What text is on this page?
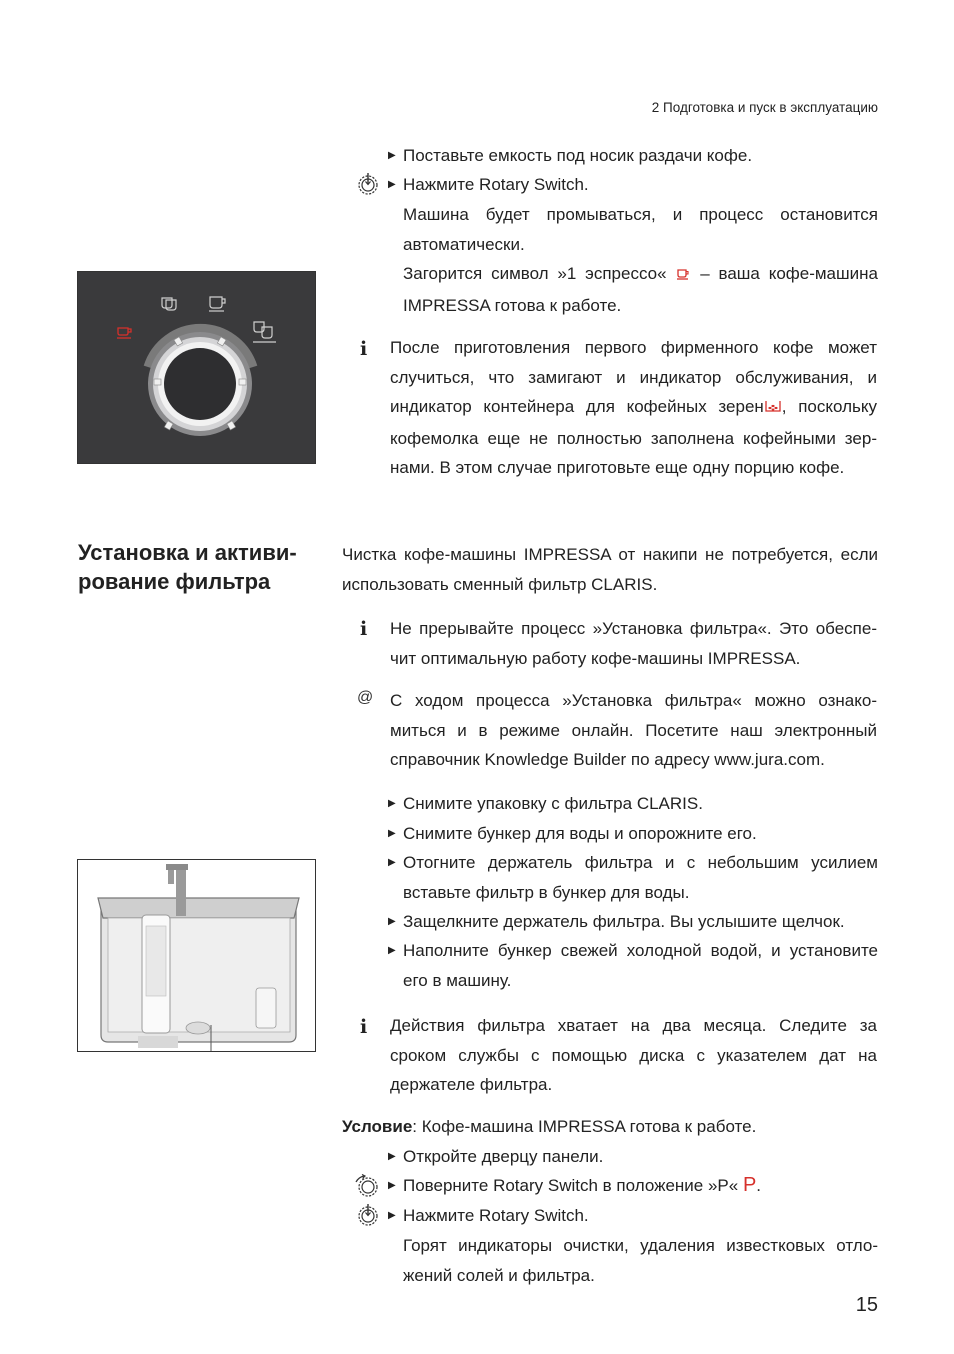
2 Подготовка и пуск в эксплуатацию
▶ Поставьте емкость под носик раздачи кофе.
▶ Нажмите Rotary Switch.
Машина будет промываться, и процесс остановится автоматически.
Загорится символ »1 эспрессо« – ваша кофе-машина IMPRESSA готова к работе.
i После приготовления первого фирменного кофе может случиться, что замигают и индикатор обслуживания, и индикатор контейнера для кофейных зерен , поскольку кофемолка еще не полностью заполнена кофейными зернами. В этом случае приготовьте еще одну порцию кофе.
Установка и активирование фильтра
Чистка кофе-машины IMPRESSA от накипи не потребуется, если использовать сменный фильтр CLARIS.
i Не прерывайте процесс »Установка фильтра«. Это обеспечит оптимальную работу кофе-машины IMPRESSA.
@ С ходом процесса »Установка фильтра« можно ознакомиться и в режиме онлайн. Посетите наш электронный справочник Knowledge Builder по адресу www.jura.com.
▶ Снимите упаковку с фильтра CLARIS.
▶ Снимите бункер для воды и опорожните его.
▶ Отогните держатель фильтра и с небольшим усилием вставьте фильтр в бункер для воды.
▶ Защелкните держатель фильтра. Вы услышите щелчок.
▶ Наполните бункер свежей холодной водой, и установите его в машину.
i Действия фильтра хватает на два месяца. Следите за сроком службы с помощью диска с указателем дат на держателе фильтра.
Условие: Кофе-машина IMPRESSA готова к работе.
▶ Откройте дверцу панели.
▶ Поверните Rotary Switch в положение »P« P.
▶ Нажмите Rotary Switch.
Горят индикаторы очистки, удаления известковых отложений солей и фильтра.
15
